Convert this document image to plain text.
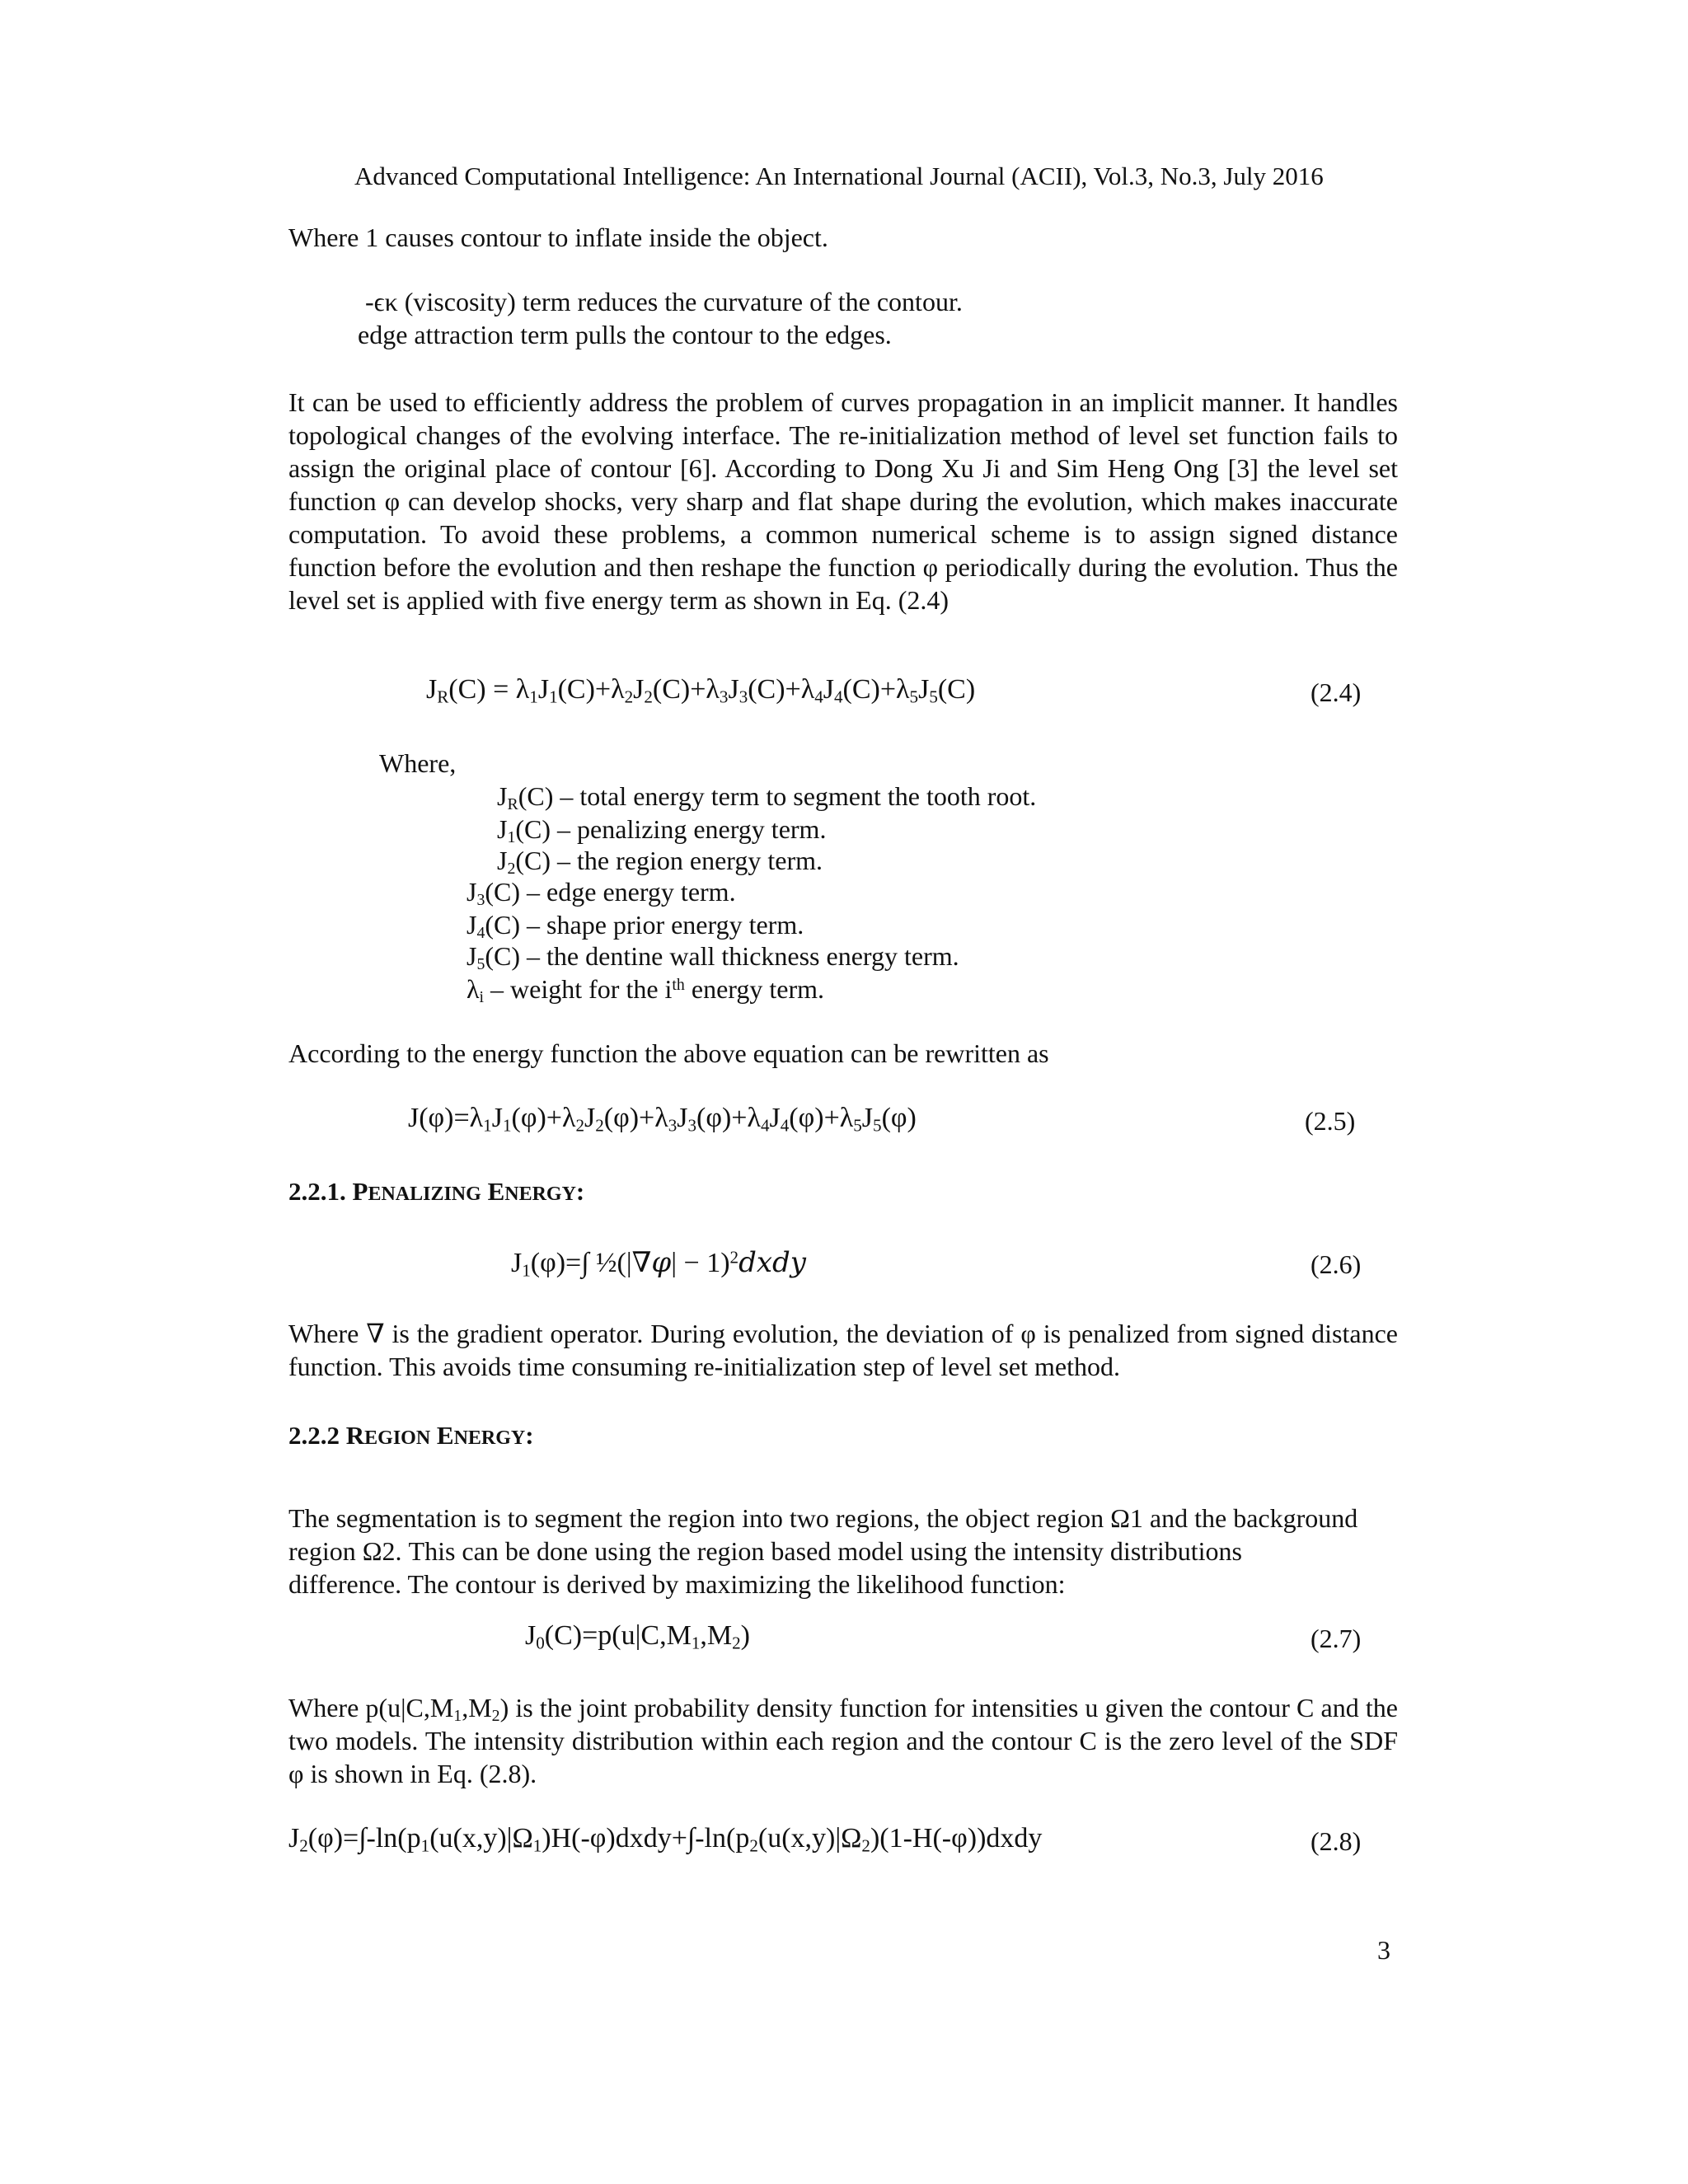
Advanced Computational Intelligence: An International Journal (ACII), Vol.3, No.3, July 2016
Where 1 causes contour to inflate inside the object.
-ϵκ (viscosity) term reduces the curvature of the contour.
edge attraction term pulls the contour to the edges.
It can be used to efficiently address the problem of curves propagation in an implicit manner. It handles topological changes of the evolving interface. The re-initialization method of level set function fails to assign the original place of contour [6]. According to Dong Xu Ji and Sim Heng Ong [3] the level set function φ can develop shocks, very sharp and flat shape during the evolution, which makes inaccurate computation. To avoid these problems, a common numerical scheme is to assign signed distance function before the evolution and then reshape the function φ periodically during the evolution. Thus the level set is applied with five energy term as shown in Eq. (2.4)
$J_R(C) = \lambda_1J_1(C)+\lambda_2J_2(C)+\lambda_3J_3(C)+\lambda_4J_4(C)+\lambda_5J_5(C)$	(2.4)
Where,
$J_R(C)$ – total energy term to segment the tooth root.
$J_1(C)$ – penalizing energy term.
$J_2(C)$ – the region energy term.
$J_3(C)$ – edge energy term.
$J_4(C)$ – shape prior energy term.
$J_5(C)$ – the dentine wall thickness energy term.
$\lambda_i$ – weight for the $i^{th}$ energy term.
According to the energy function the above equation can be rewritten as
$J(\varphi)=\lambda_1J_1(\varphi)+\lambda_2J_2(\varphi)+\lambda_3J_3(\varphi)+\lambda_4J_4(\varphi)+\lambda_5J_5(\varphi)$	(2.5)
2.2.1. PENALIZING ENERGY:
$J_1(\varphi)=\int$ ½(|∇φ| − 1)$^2$dxdy	(2.6)
Where ∇ is the gradient operator. During evolution, the deviation of φ is penalized from signed distance function. This avoids time consuming re-initialization step of level set method.
2.2.2 REGION ENERGY:
The segmentation is to segment the region into two regions, the object region Ω1 and the background region Ω2. This can be done using the region based model using the intensity distributions difference. The contour is derived by maximizing the likelihood function:
$J_0(C)=p(u|C,M_1,M_2)$	(2.7)
Where $p(u|C,M_1,M_2)$ is the joint probability density function for intensities u given the contour C and the two models. The intensity distribution within each region and the contour C is the zero level of the SDF φ is shown in Eq. (2.8).
$J_2(\varphi)=\int-\ln(p_1(u(x,y)|\Omega_1)H(-\varphi)dxdy+\int-\ln(p_2(u(x,y)|\Omega_2)(1-H(-\varphi))dxdy$	(2.8)
3
